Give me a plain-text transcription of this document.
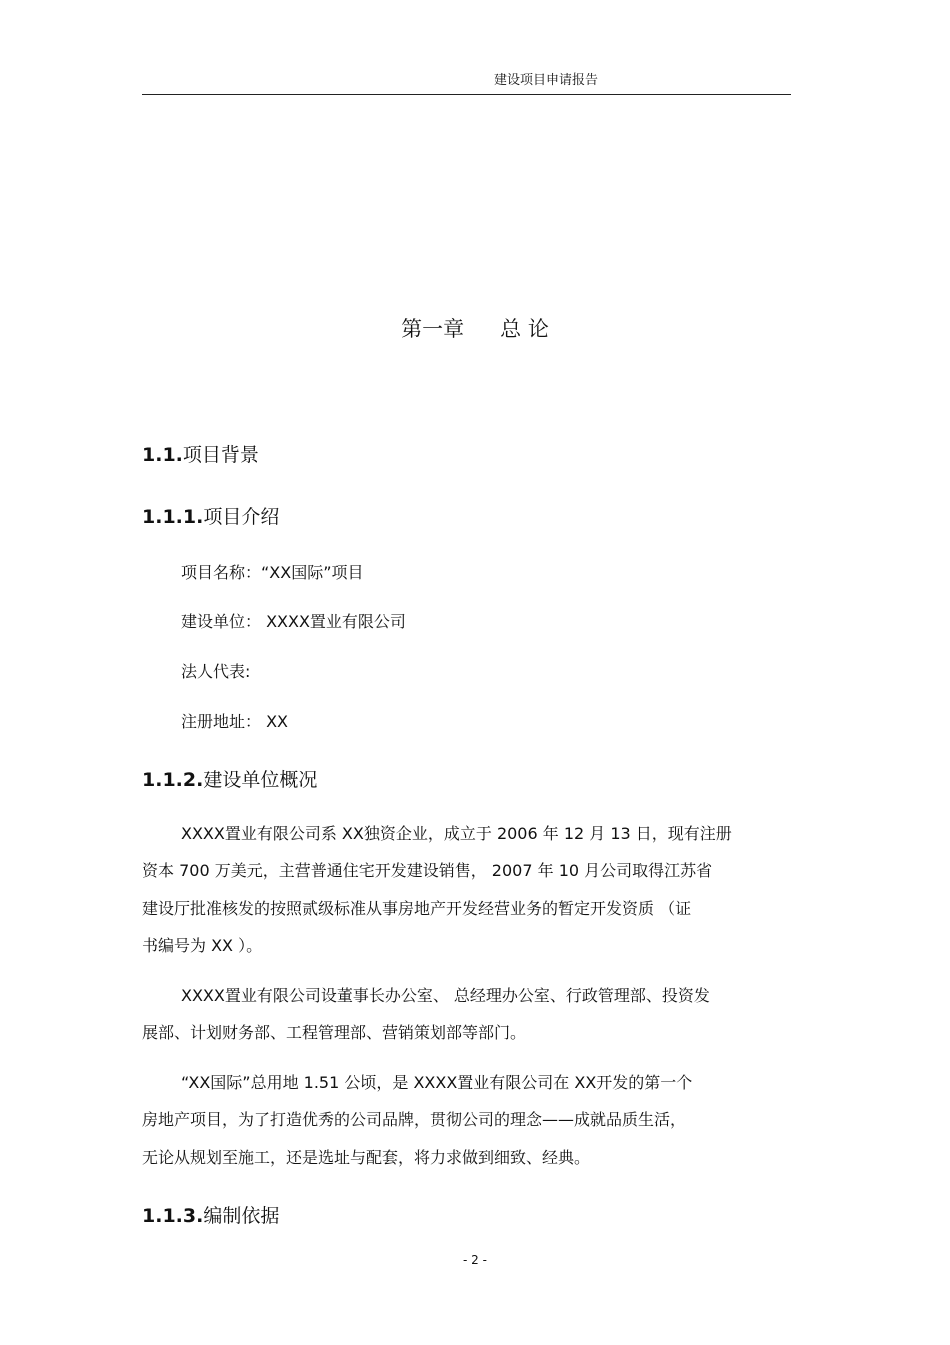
建设项目申请报告
第一章 总 论
1.1.项目背景
1.1.1.项目介绍
项目名称：“XX国际”项目
建设单位： XXXX置业有限公司
法人代表:
注册地址： XX
1.1.2.建设单位概况
XXXX置业有限公司系 XX独资企业，成立于 2006 年 12 月 13 日，现有注册
资本 700 万美元，主营普通住宅开发建设销售， 2007 年 10 月公司取得江苏省
建设厅批准核发的按照贰级标准从事房地产开发经营业务的暂定开发资质 （证
书编号为 XX ）。
XXXX置业有限公司设董事长办公室、 总经理办公室、行政管理部、投资发
展部、计划财务部、工程管理部、营销策划部等部门。
“XX国际”总用地 1.51 公顷，是 XXXX置业有限公司在 XX开发的第一个
房地产项目，为了打造优秀的公司品牌，贯彻公司的理念——成就品质生活，
无论从规划至施工，还是选址与配套，将力求做到细致、经典。
1.1.3.编制依据
- 2 -
